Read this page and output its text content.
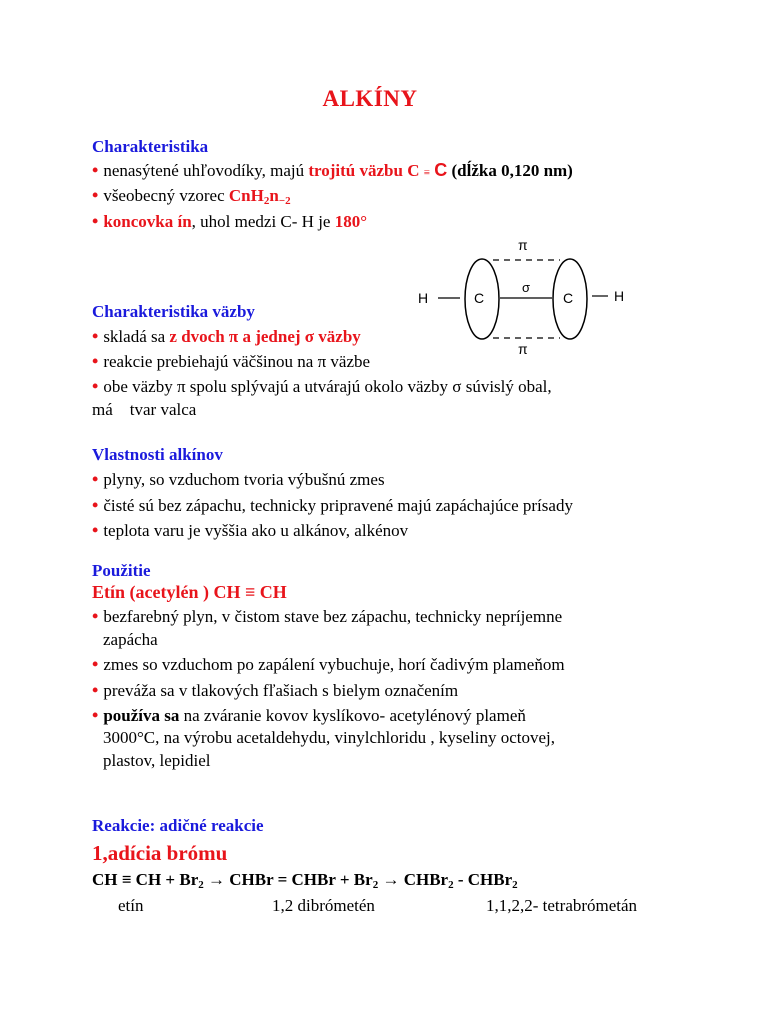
ALKÍNY
Charakteristika
• nenasýtené uhľovodíky, majú trojitú väzbu C ≡ C (dĺžka 0,120 nm)
• všeobecný vzorec $CnH_2n_{-2}$
• koncovka ín, uhol medzi C- H je 180°
H	C	C	H
π
σ
π
Charakteristika väzby
• skladá sa z dvoch π a jednej σ väzby
• reakcie prebiehajú väčšinou na π väzbe
• obe väzby π spolu splývajú a utvárajú okolo väzby σ súvislý obal,
má    tvar valca
Vlastnosti alkínov
• plyny, so vzduchom tvoria výbušnú zmes
• čisté sú bez zápachu, technicky pripravené majú zapáchajúce prísady
• teplota varu je vyššia ako u alkánov, alkénov
Použitie
Etín (acetylén ) CH ≡ CH
• bezfarebný plyn, v čistom stave bez zápachu, technicky nepríjemne
zapácha
• zmes so vzduchom po zapálení vybuchuje, horí čadivým plameňom
• preváža sa v tlakových fľašiach s bielym označením
• používa sa na zváranie kovov kyslíkovo- acetylénový plameň
3000°C, na výrobu acetaldehydu, vinylchloridu , kyseliny octovej,
plastov, lepidiel
Reakcie: adičné reakcie
1,adícia brómu
CH ≡ CH + $Br_2$ → CHBr = CHBr + $Br_2$ → CHBr$_2$ - CHBr$_2$
etín	1,2 dibrómetén	1,1,2,2- tetrabrómetán
